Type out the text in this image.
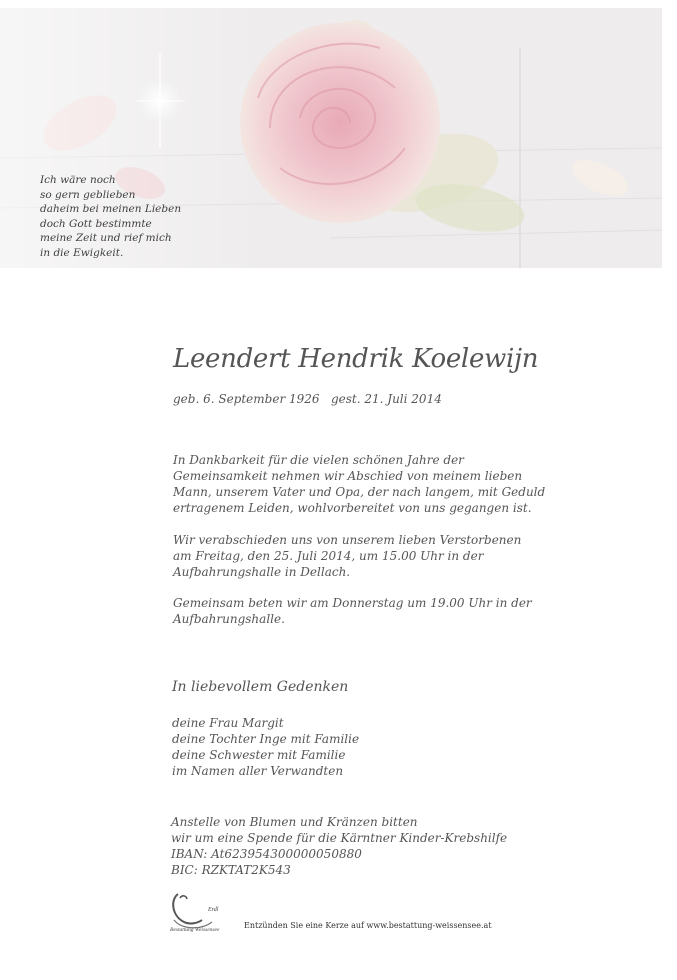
Ich wäre noch
so gern geblieben
daheim bei meinen Lieben
doch Gott bestimmte
meine Zeit und rief mich
in die Ewigkeit.
Leendert Hendrik Koelewijn
geb. 6. September 1926   gest. 21. Juli 2014
In Dankbarkeit für die vielen schönen Jahre der
Gemeinsamkeit nehmen wir Abschied von meinem lieben
Mann, unserem Vater und Opa, der nach langem, mit Geduld
ertragenem Leiden, wohlvorbereitet von uns gegangen ist.
Wir verabschieden uns von unserem lieben Verstorbenen
am Freitag, den 25. Juli 2014, um 15.00 Uhr in der
Aufbahrungshalle in Dellach.
Gemeinsam beten wir am Donnerstag um 19.00 Uhr in der
Aufbahrungshalle.
In liebevollem Gedenken
deine Frau Margit
deine Tochter Inge mit Familie
deine Schwester mit Familie
im Namen aller Verwandten
Anstelle von Blumen und Kränzen bitten
wir um eine Spende für die Kärntner Kinder-Krebshilfe
IBAN: At623954300000050880
BIC: RZKTAT2K543
Erdl
Bestattung Weissensee	Entzünden Sie eine Kerze auf www.bestattung-weissensee.at
